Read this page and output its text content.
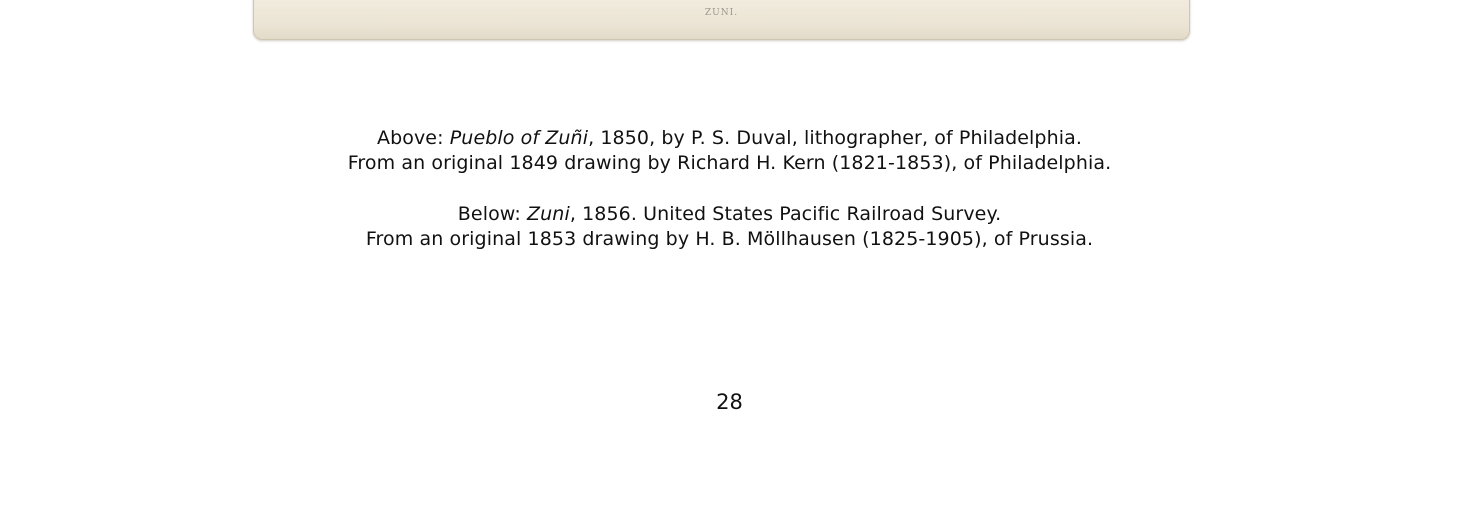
ZUNI.

Above: Pueblo of Zuñi, 1850, by P. S. Duval, lithographer, of Philadelphia.

From an original 1849 drawing by Richard H. Kern (1821-1853), of Philadelphia.

Below: Zuni, 1856. United States Pacific Railroad Survey.

From an original 1853 drawing by H. B. Möllhausen (1825-1905), of Prussia.

28
